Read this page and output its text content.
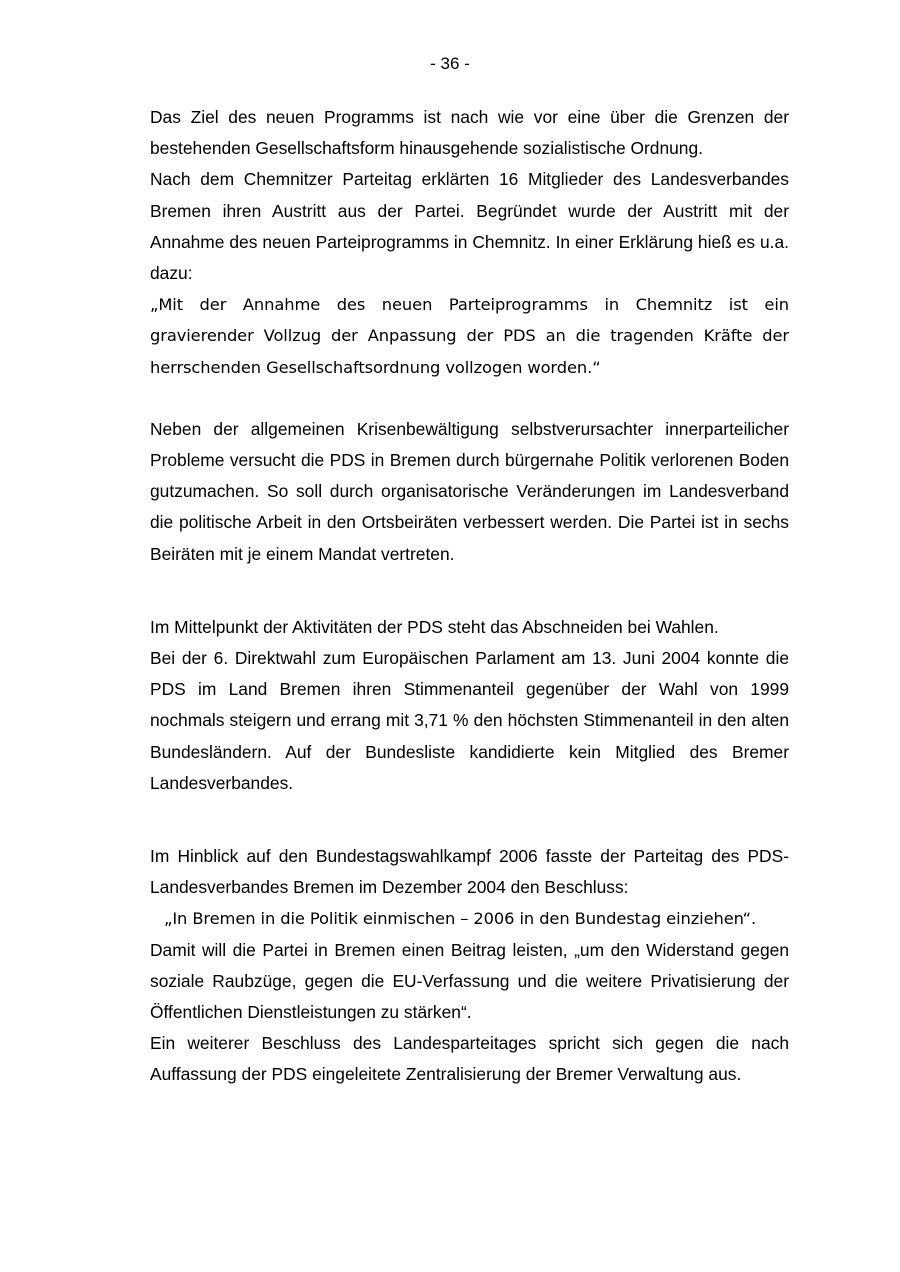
- 36 -

Das Ziel des neuen Programms ist nach wie vor eine über die Grenzen der bestehenden Gesellschaftsform hinausgehende sozialistische Ordnung.

Nach dem Chemnitzer Parteitag erklärten 16 Mitglieder des Landesverbandes Bremen ihren Austritt aus der Partei. Begründet wurde der Austritt mit der Annahme des neuen Parteiprogramms in Chemnitz. In einer Erklärung hieß es u.a. dazu:

„Mit der Annahme des neuen Parteiprogramms in Chemnitz ist ein gravierender Vollzug der Anpassung der PDS an die tragenden Kräfte der herrschenden Gesellschaftsordnung vollzogen worden.“

Neben der allgemeinen Krisenbewältigung selbstverursachter innerparteilicher Probleme versucht die PDS in Bremen durch bürgernahe Politik verlorenen Boden gutzumachen. So soll durch organisatorische Veränderungen im Landesverband die politische Arbeit in den Ortsbeiräten verbessert werden. Die Partei ist in sechs Beiräten mit je einem Mandat vertreten.

Im Mittelpunkt der Aktivitäten der PDS steht das Abschneiden bei Wahlen.

Bei der 6. Direktwahl zum Europäischen Parlament am 13. Juni 2004 konnte die PDS im Land Bremen ihren Stimmenanteil gegenüber der Wahl von 1999 nochmals steigern und errang mit 3,71 % den höchsten Stimmenanteil in den alten Bundesländern. Auf der Bundesliste kandidierte kein Mitglied des Bremer Landesverbandes.

Im Hinblick auf den Bundestagswahlkampf 2006 fasste der Parteitag des PDS-Landesverbandes Bremen im Dezember 2004 den Beschluss:

„In Bremen in die Politik einmischen – 2006 in den Bundestag einziehen“.

Damit will die Partei in Bremen einen Beitrag leisten, „um den Widerstand gegen soziale Raubzüge, gegen die EU-Verfassung und die weitere Privatisierung der Öffentlichen Dienstleistungen zu stärken“.

Ein weiterer Beschluss des Landesparteitages spricht sich gegen die nach Auffassung der PDS eingeleitete Zentralisierung der Bremer Verwaltung aus.
